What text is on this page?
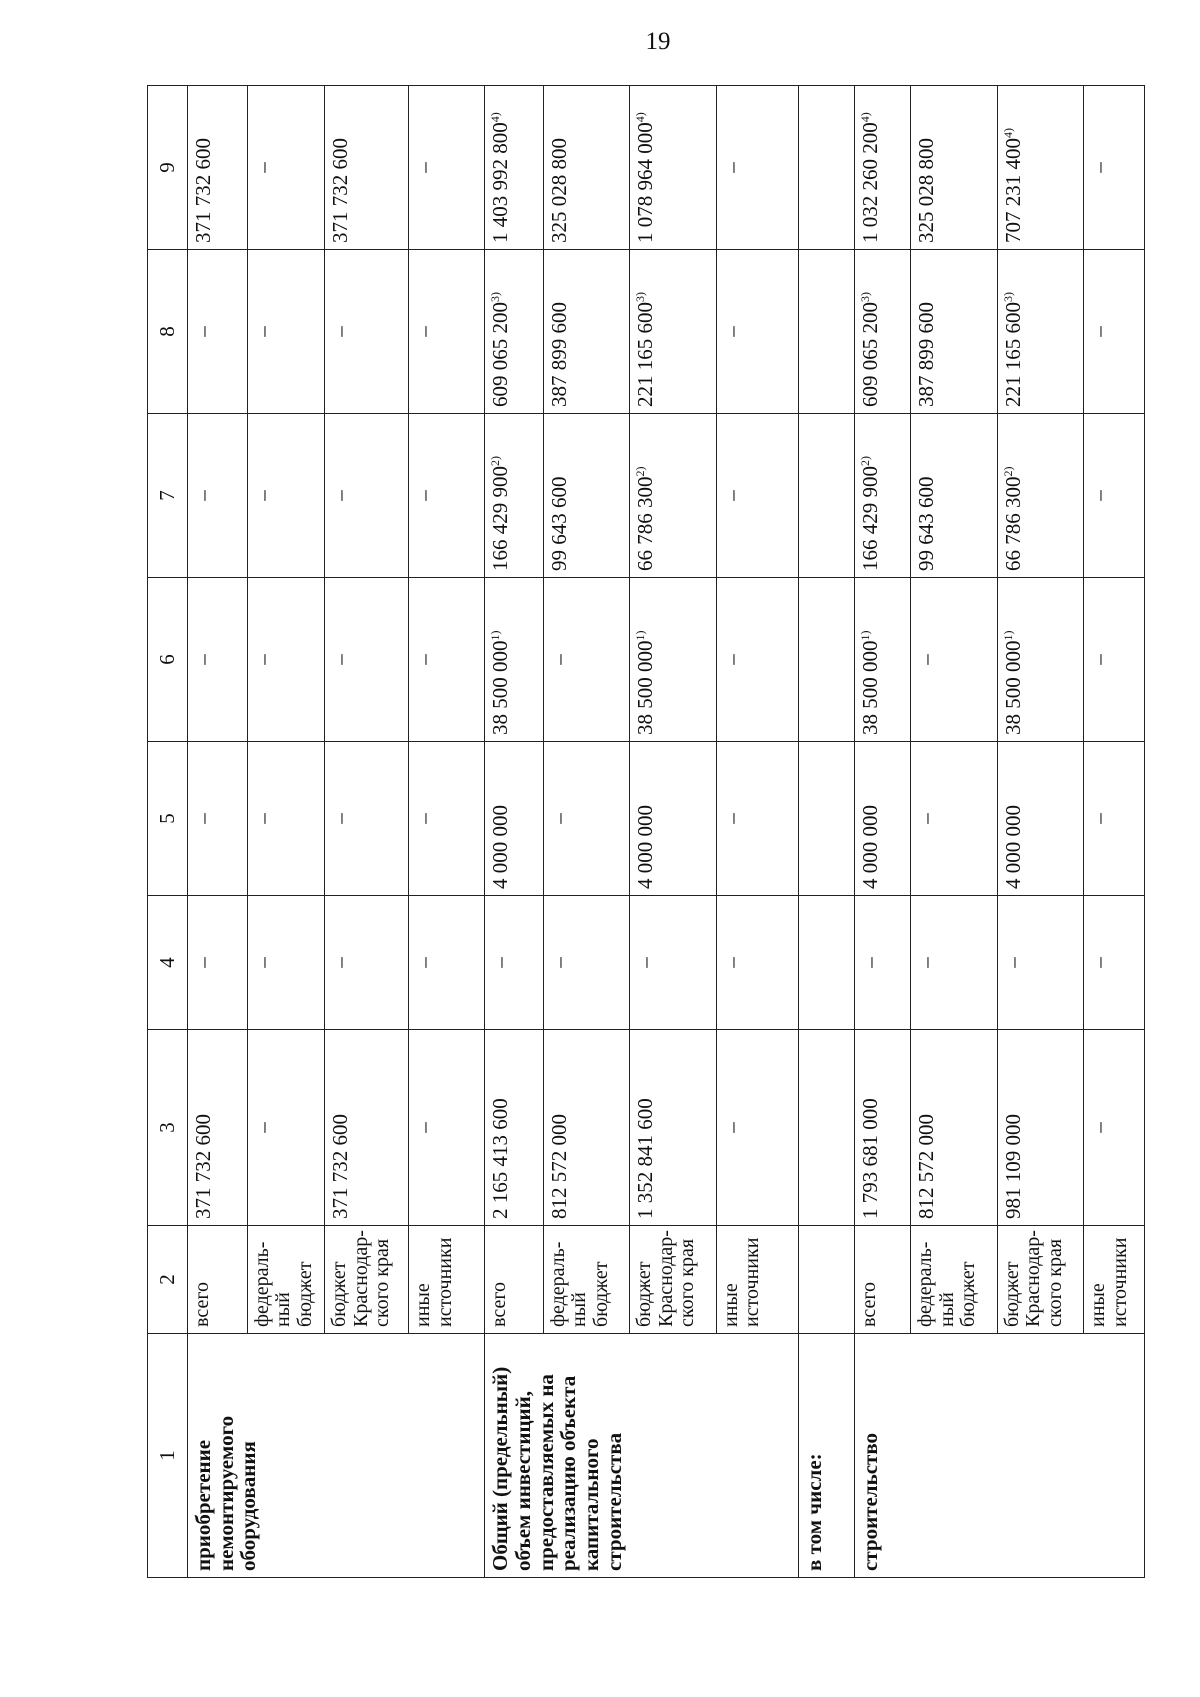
19
1	2	3	4	5	6	7	8	9
приобретение немонтируемого оборудования	всего	371 732 600	–	–	–	–	–	371 732 600
	федераль-ный бюджет	–	–	–	–	–	–	–
	бюджет Краснодар-ского края	371 732 600	–	–	–	–	–	371 732 600
	иные источники	–	–	–	–	–	–	–
Общий (предельный) объем инвестиций, предоставляемых на реализацию объекта капитального строительства	всего	2 165 413 600	–	4 000 000	38 500 000$^{1)}$	166 429 900$^{2)}$	609 065 200$^{3)}$	1 403 992 800$^{4)}$
	федераль-ный бюджет	812 572 000	–	–	–	99 643 600	387 899 600	325 028 800
	бюджет Краснодар-ского края	1 352 841 600	–	4 000 000	38 500 000$^{1)}$	66 786 300$^{2)}$	221 165 600$^{3)}$	1 078 964 000$^{4)}$
	иные источники	–	–	–	–	–	–	–
в том числе:								
строительство	всего	1 793 681 000	–	4 000 000	38 500 000$^{1)}$	166 429 900$^{2)}$	609 065 200$^{3)}$	1 032 260 200$^{4)}$
	федераль-ный бюджет	812 572 000	–	–	–	99 643 600	387 899 600	325 028 800
	бюджет Краснодар-ского края	981 109 000	–	4 000 000	38 500 000$^{1)}$	66 786 300$^{2)}$	221 165 600$^{3)}$	707 231 400$^{4)}$
	иные источники	–	–	–	–	–	–	–
